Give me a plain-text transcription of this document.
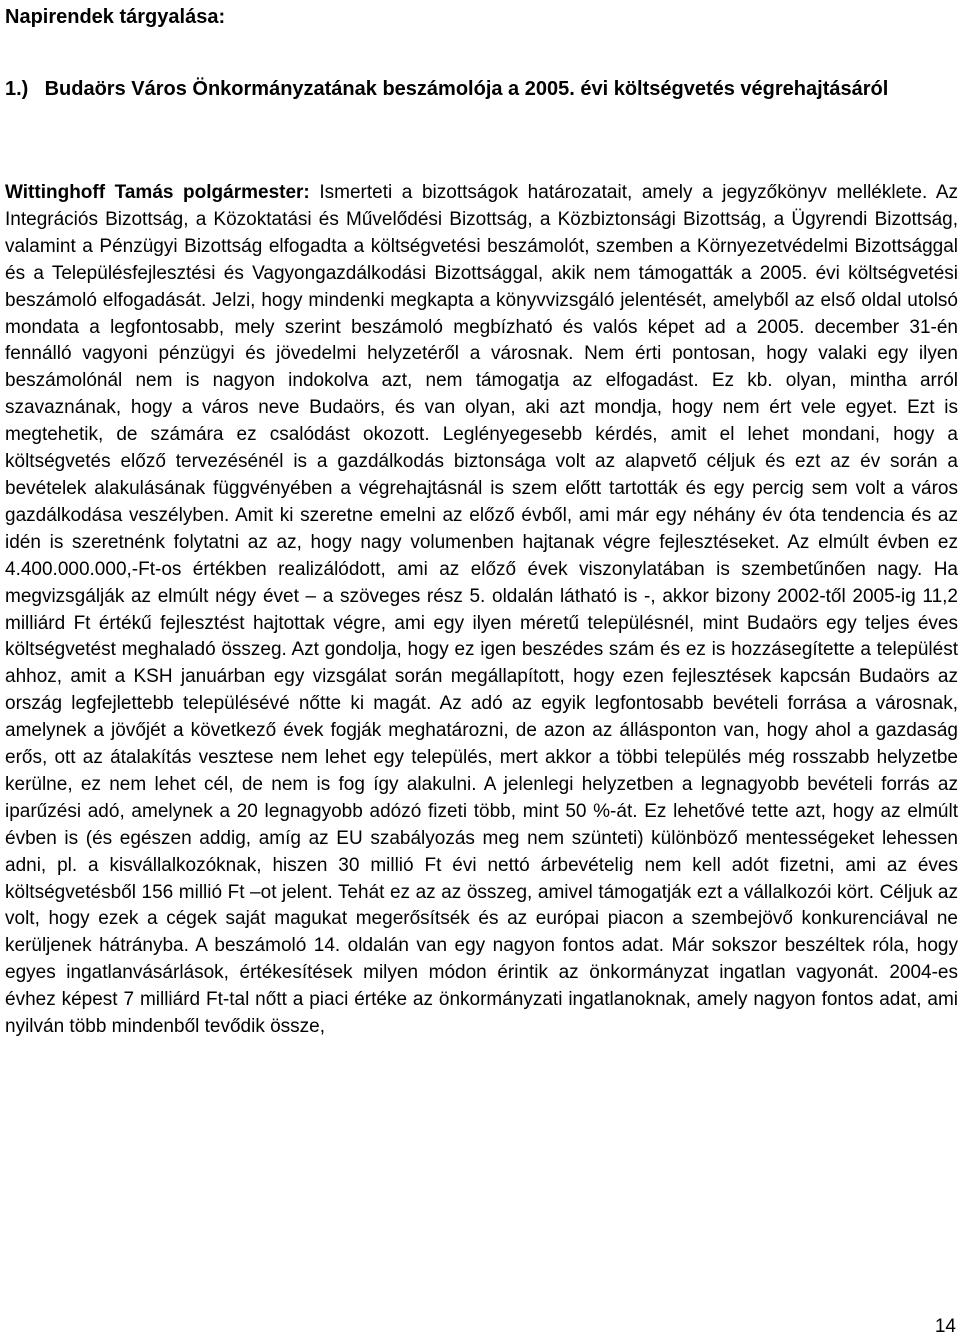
Napirendek tárgyalása:

1.) Budaörs Város Önkormányzatának beszámolója a 2005. évi költségvetés végrehajtásáról

Wittinghoff Tamás polgármester: Ismerteti a bizottságok határozatait, amely a jegyzőkönyv melléklete. Az Integrációs Bizottság, a Közoktatási és Művelődési Bizottság, a Közbiztonsági Bizottság, a Ügyrendi Bizottság, valamint a Pénzügyi Bizottság elfogadta a költségvetési beszámolót, szemben a Környezetvédelmi Bizottsággal és a Településfejlesztési és Vagyongazdálkodási Bizottsággal, akik nem támogatták a 2005. évi költségvetési beszámoló elfogadását. Jelzi, hogy mindenki megkapta a könyvvizsgáló jelentését, amelyből az első oldal utolsó mondata a legfontosabb, mely szerint beszámoló megbízható és valós képet ad a 2005. december 31-én fennálló vagyoni pénzügyi és jövedelmi helyzetéről a városnak. Nem érti pontosan, hogy valaki egy ilyen beszámolónál nem is nagyon indokolva azt, nem támogatja az elfogadást. Ez kb. olyan, mintha arról szavaznának, hogy a város neve Budaörs, és van olyan, aki azt mondja, hogy nem ért vele egyet. Ezt is megtehetik, de számára ez csalódást okozott. Leglényegesebb kérdés, amit el lehet mondani, hogy a költségvetés előző tervezésénél is a gazdálkodás biztonsága volt az alapvető céljuk és ezt az év során a bevételek alakulásának függvényében a végrehajtásnál is szem előtt tartották és egy percig sem volt a város gazdálkodása veszélyben. Amit ki szeretne emelni az előző évből, ami már egy néhány év óta tendencia és az idén is szeretnénk folytatni az az, hogy nagy volumenben hajtanak végre fejlesztéseket. Az elmúlt évben ez 4.400.000.000,-Ft-os értékben realizálódott, ami az előző évek viszonylatában is szembetűnően nagy. Ha megvizsgálják az elmúlt négy évet – a szöveges rész 5. oldalán látható is -, akkor bizony 2002-től 2005-ig 11,2 milliárd Ft értékű fejlesztést hajtottak végre, ami egy ilyen méretű településnél, mint Budaörs egy teljes éves költségvetést meghaladó összeg. Azt gondolja, hogy ez igen beszédes szám és ez is hozzásegítette a települést ahhoz, amit a KSH januárban egy vizsgálat során megállapított, hogy ezen fejlesztések kapcsán Budaörs az ország legfejlettebb településévé nőtte ki magát. Az adó az egyik legfontosabb bevételi forrása a városnak, amelynek a jövőjét a következő évek fogják meghatározni, de azon az állásponton van, hogy ahol a gazdaság erős, ott az átalakítás vesztese nem lehet egy település, mert akkor a többi település még rosszabb helyzetbe kerülne, ez nem lehet cél, de nem is fog így alakulni. A jelenlegi helyzetben a legnagyobb bevételi forrás az iparűzési adó, amelynek a 20 legnagyobb adózó fizeti több, mint 50 %-át. Ez lehetővé tette azt, hogy az elmúlt évben is (és egészen addig, amíg az EU szabályozás meg nem szünteti) különböző mentességeket lehessen adni, pl. a kisvállalkozóknak, hiszen 30 millió Ft évi nettó árbevételig nem kell adót fizetni, ami az éves költségvetésből 156 millió Ft –ot jelent. Tehát ez az az összeg, amivel támogatják ezt a vállalkozói kört. Céljuk az volt, hogy ezek a cégek saját magukat megerősítsék és az európai piacon a szembejövő konkurenciával ne kerüljenek hátrányba. A beszámoló 14. oldalán van egy nagyon fontos adat. Már sokszor beszéltek róla, hogy egyes ingatlanvásárlások, értékesítések milyen módon érintik az önkormányzat ingatlan vagyonát. 2004-es évhez képest 7 milliárd Ft-tal nőtt a piaci értéke az önkormányzati ingatlanoknak, amely nagyon fontos adat, ami nyilván több mindenből tevődik össze,

14
